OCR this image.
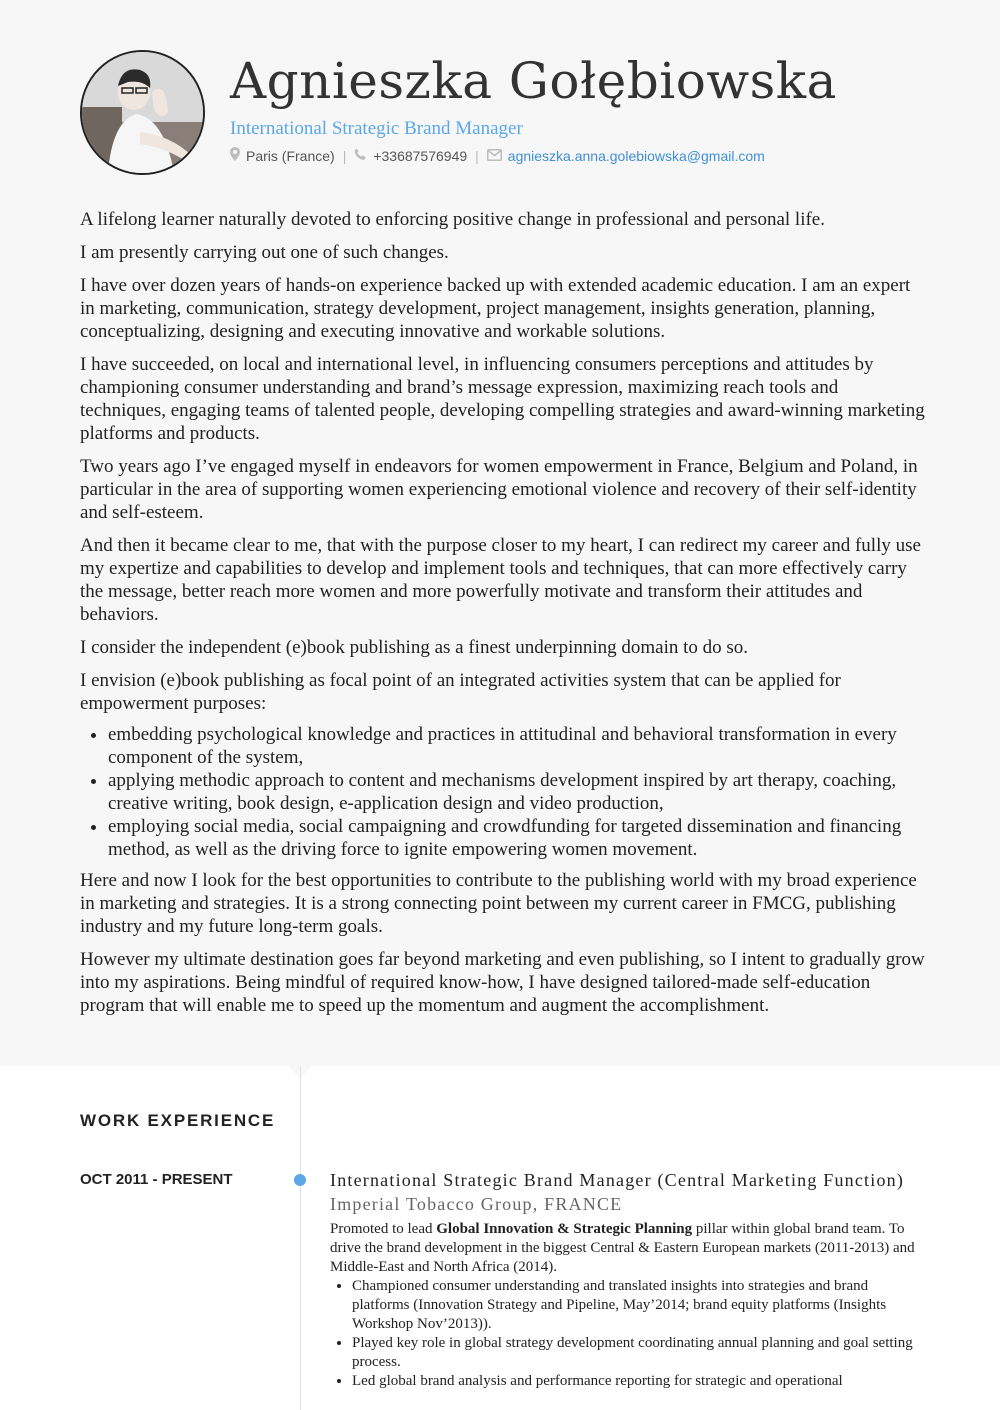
Agnieszka Gołębiowska
International Strategic Brand Manager
Paris (France) | +33687576949 | agnieszka.anna.golebiowska@gmail.com

A lifelong learner naturally devoted to enforcing positive change in professional and personal life.

I am presently carrying out one of such changes.

I have over dozen years of hands-on experience backed up with extended academic education. I am an expert in marketing, communication, strategy development, project management, insights generation, planning, conceptualizing, designing and executing innovative and workable solutions.

I have succeeded, on local and international level, in influencing consumers perceptions and attitudes by championing consumer understanding and brand’s message expression, maximizing reach tools and techniques, engaging teams of talented people, developing compelling strategies and award-winning marketing platforms and products.

Two years ago I’ve engaged myself in endeavors for women empowerment in France, Belgium and Poland, in particular in the area of supporting women experiencing emotional violence and recovery of their self-identity and self-esteem.

And then it became clear to me, that with the purpose closer to my heart, I can redirect my career and fully use my expertize and capabilities to develop and implement tools and techniques, that can more effectively carry the message, better reach more women and more powerfully motivate and transform their attitudes and behaviors.

I consider the independent (e)book publishing as a finest underpinning domain to do so.

I envision (e)book publishing as focal point of an integrated activities system that can be applied for empowerment purposes:

• embedding psychological knowledge and practices in attitudinal and behavioral transformation in every component of the system,
• applying methodic approach to content and mechanisms development inspired by art therapy, coaching, creative writing, book design, e-application design and video production,
• employing social media, social campaigning and crowdfunding for targeted dissemination and financing method, as well as the driving force to ignite empowering women movement.

Here and now I look for the best opportunities to contribute to the publishing world with my broad experience in marketing and strategies. It is a strong connecting point between my current career in FMCG, publishing industry and my future long-term goals.

However my ultimate destination goes far beyond marketing and even publishing, so I intent to gradually grow into my aspirations. Being mindful of required know-how, I have designed tailored-made self-education program that will enable me to speed up the momentum and augment the accomplishment.

WORK EXPERIENCE
OCT 2011 - PRESENT	International Strategic Brand Manager (Central Marketing Function)
Imperial Tobacco Group, FRANCE

Promoted to lead Global Innovation & Strategic Planning pillar within global brand team. To drive the brand development in the biggest Central & Eastern European markets (2011-2013) and Middle-East and North Africa (2014).

• Championed consumer understanding and translated insights into strategies and brand platforms (Innovation Strategy and Pipeline, May’2014; brand equity platforms (Insights Workshop Nov’2013)).
• Played key role in global strategy development coordinating annual planning and goal setting process.
• Led global brand analysis and performance reporting for strategic and operational
